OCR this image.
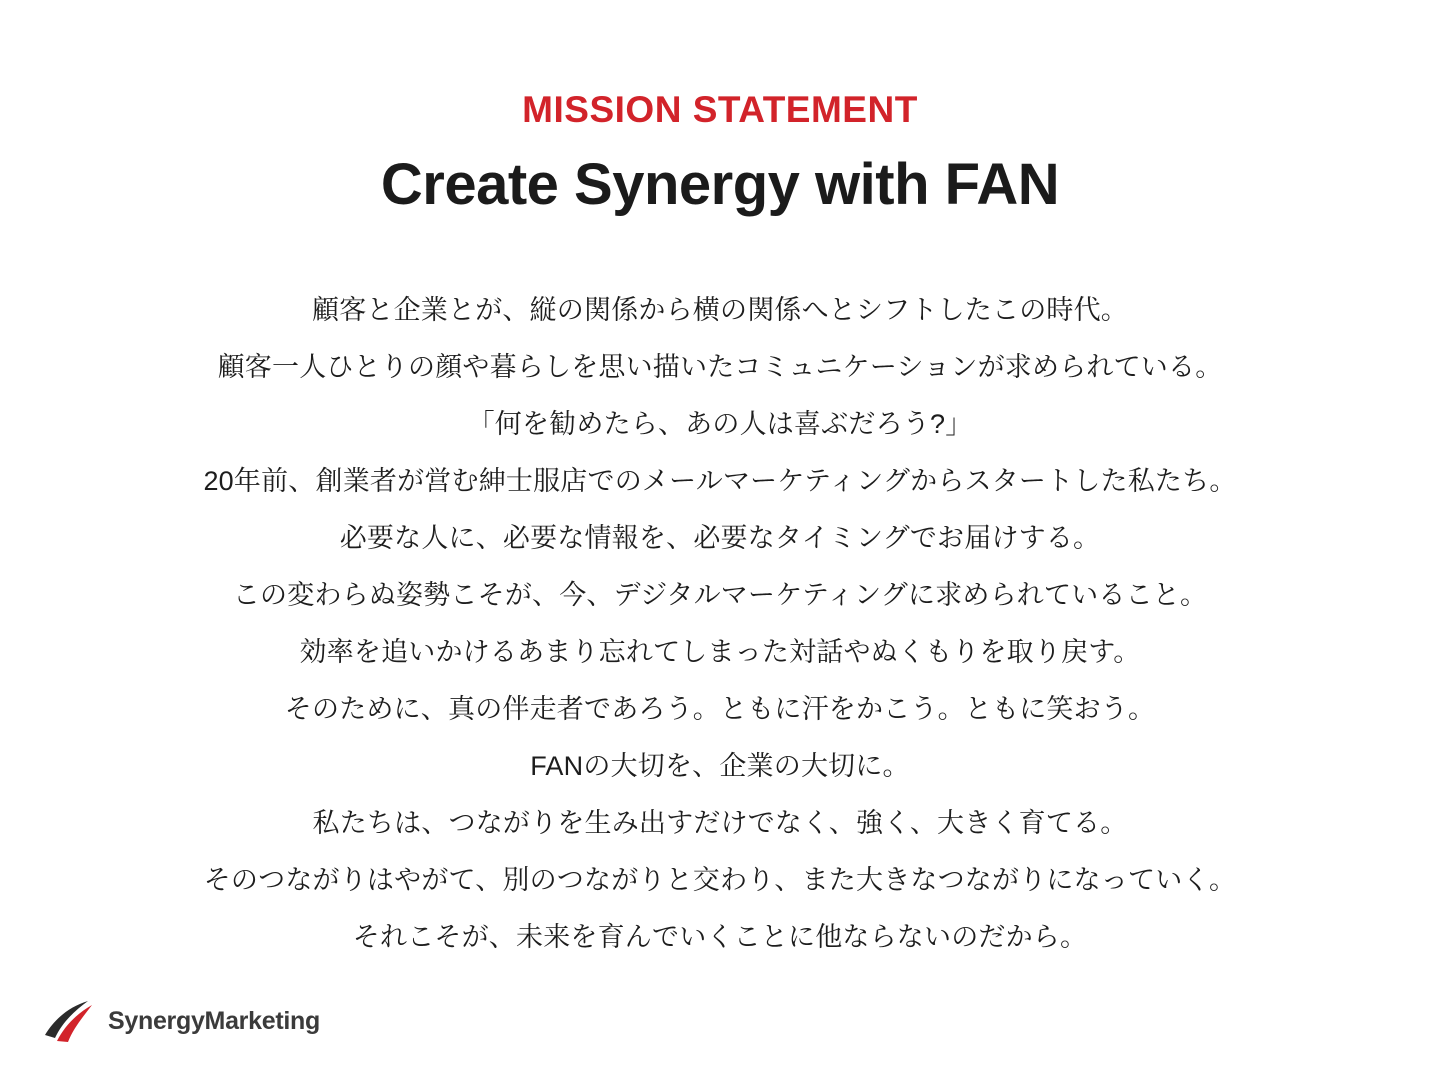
MISSION STATEMENT

Create Synergy with FAN
顧客と企業とが、縦の関係から横の関係へとシフトしたこの時代。
顧客一人ひとりの顔や暮らしを思い描いたコミュニケーションが求められている。
「何を勧めたら、あの人は喜ぶだろう?」
20年前、創業者が営む紳士服店でのメールマーケティングからスタートした私たち。
必要な人に、必要な情報を、必要なタイミングでお届けする。
この変わらぬ姿勢こそが、今、デジタルマーケティングに求められていること。
効率を追いかけるあまり忘れてしまった対話やぬくもりを取り戻す。
そのために、真の伴走者であろう。ともに汗をかこう。ともに笑おう。
FANの大切を、企業の大切に。
私たちは、つながりを生み出すだけでなく、強く、大きく育てる。
そのつながりはやがて、別のつながりと交わり、また大きなつながりになっていく。
それこそが、未来を育んでいくことに他ならないのだから。
SynergyMarketing
